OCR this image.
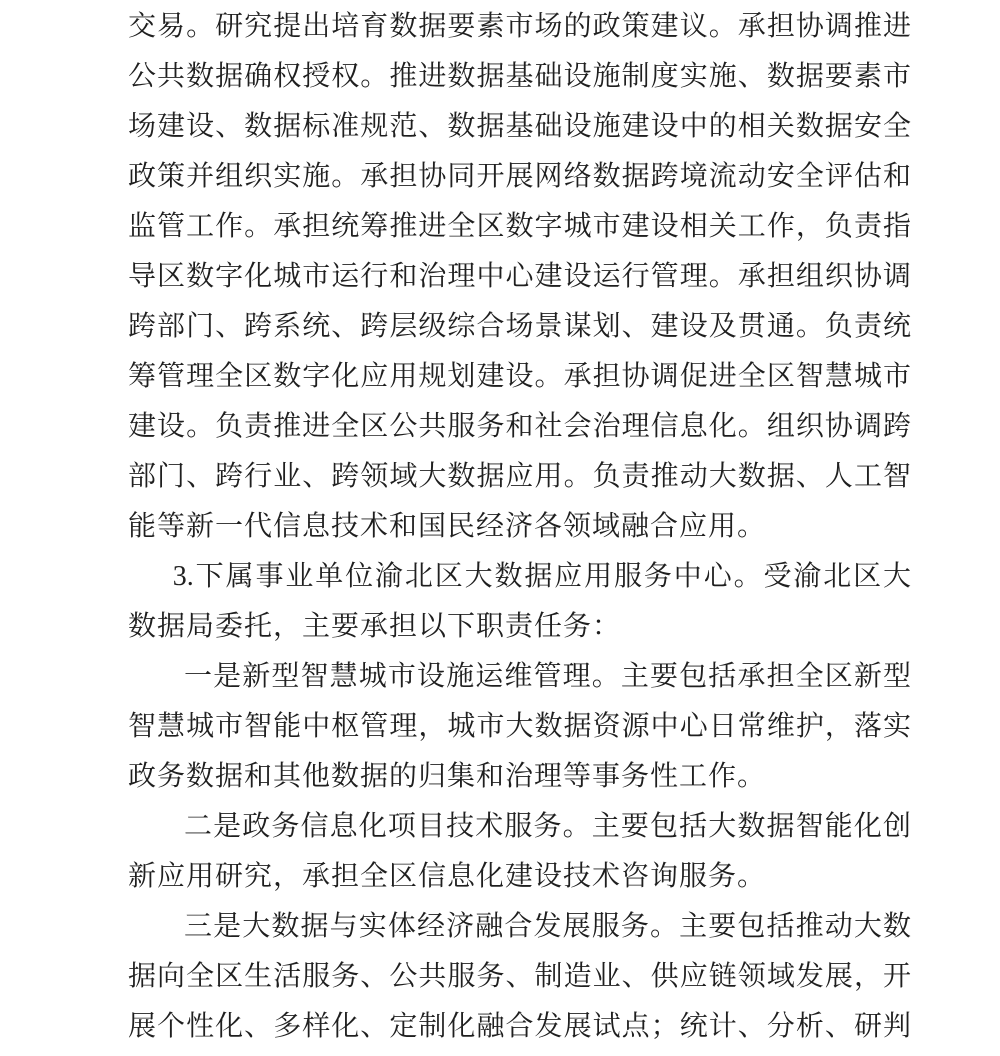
交易。研究提出培育数据要素市场的政策建议。承担协调推进
公共数据确权授权。推进数据基础设施制度实施、数据要素市
场建设、数据标准规范、数据基础设施建设中的相关数据安全
政策并组织实施。承担协同开展网络数据跨境流动安全评估和
监管工作。承担统筹推进全区数字城市建设相关工作，负责指
导区数字化城市运行和治理中心建设运行管理。承担组织协调
跨部门、跨系统、跨层级综合场景谋划、建设及贯通。负责统
筹管理全区数字化应用规划建设。承担协调促进全区智慧城市
建设。负责推进全区公共服务和社会治理信息化。组织协调跨
部门、跨行业、跨领域大数据应用。负责推动大数据、人工智
能等新一代信息技术和国民经济各领域融合应用。
3.下属事业单位渝北区大数据应用服务中心。受渝北区大
数据局委托，主要承担以下职责任务：
一是新型智慧城市设施运维管理。主要包括承担全区新型
智慧城市智能中枢管理，城市大数据资源中心日常维护，落实
政务数据和其他数据的归集和治理等事务性工作。
二是政务信息化项目技术服务。主要包括大数据智能化创
新应用研究，承担全区信息化建设技术咨询服务。
三是大数据与实体经济融合发展服务。主要包括推动大数
据向全区生活服务、公共服务、制造业、供应链领域发展，开
展个性化、多样化、定制化融合发展试点；统计、分析、研判
